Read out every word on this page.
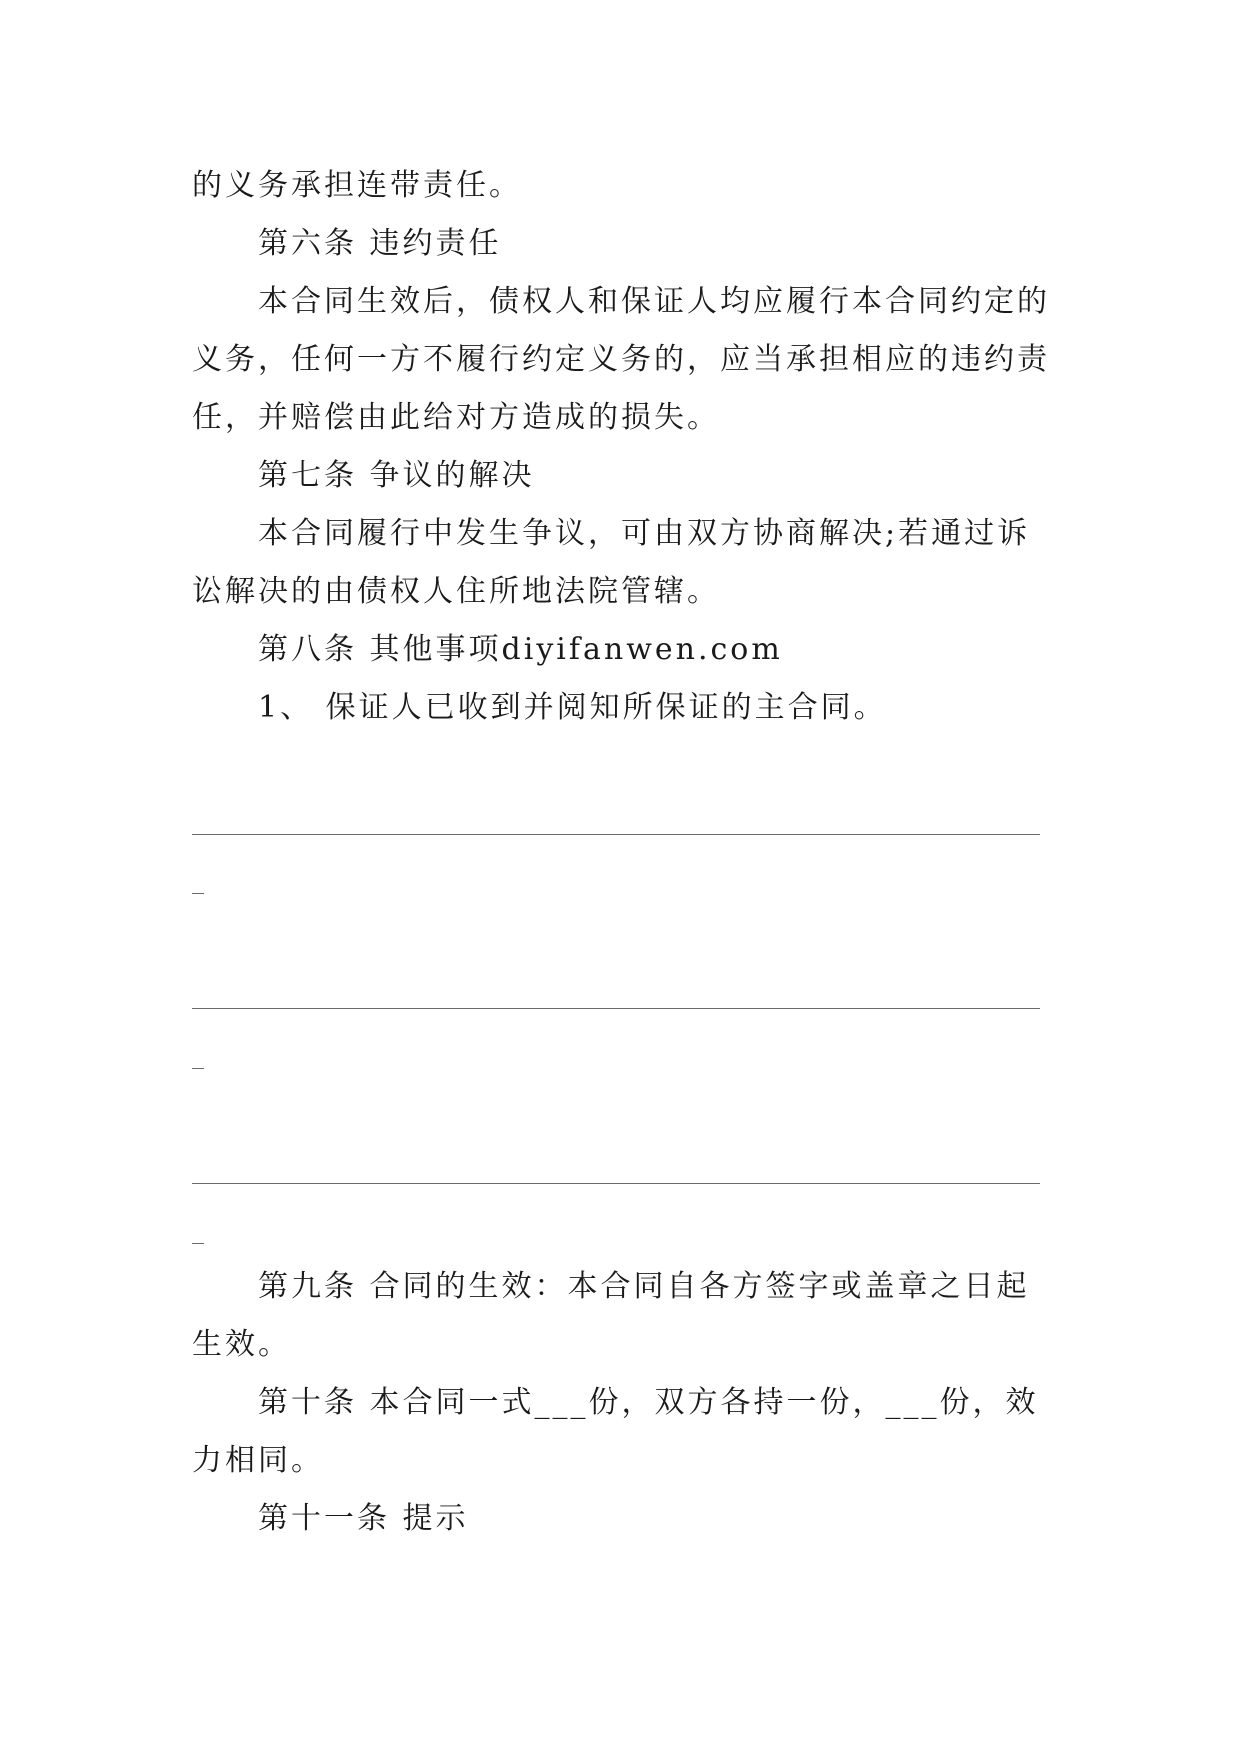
的义务承担连带责任。
第六条 违约责任
本合同生效后，债权人和保证人均应履行本合同约定的
义务，任何一方不履行约定义务的，应当承担相应的违约责
任，并赔偿由此给对方造成的损失。
第七条 争议的解决
本合同履行中发生争议，可由双方协商解决;若通过诉
讼解决的由债权人住所地法院管辖。
第八条 其他事项diyifanwen.com
1、 保证人已收到并阅知所保证的主合同。
第九条 合同的生效：本合同自各方签字或盖章之日起
生效。
第十条 本合同一式___份，双方各持一份，___份，效
力相同。
第十一条 提示
